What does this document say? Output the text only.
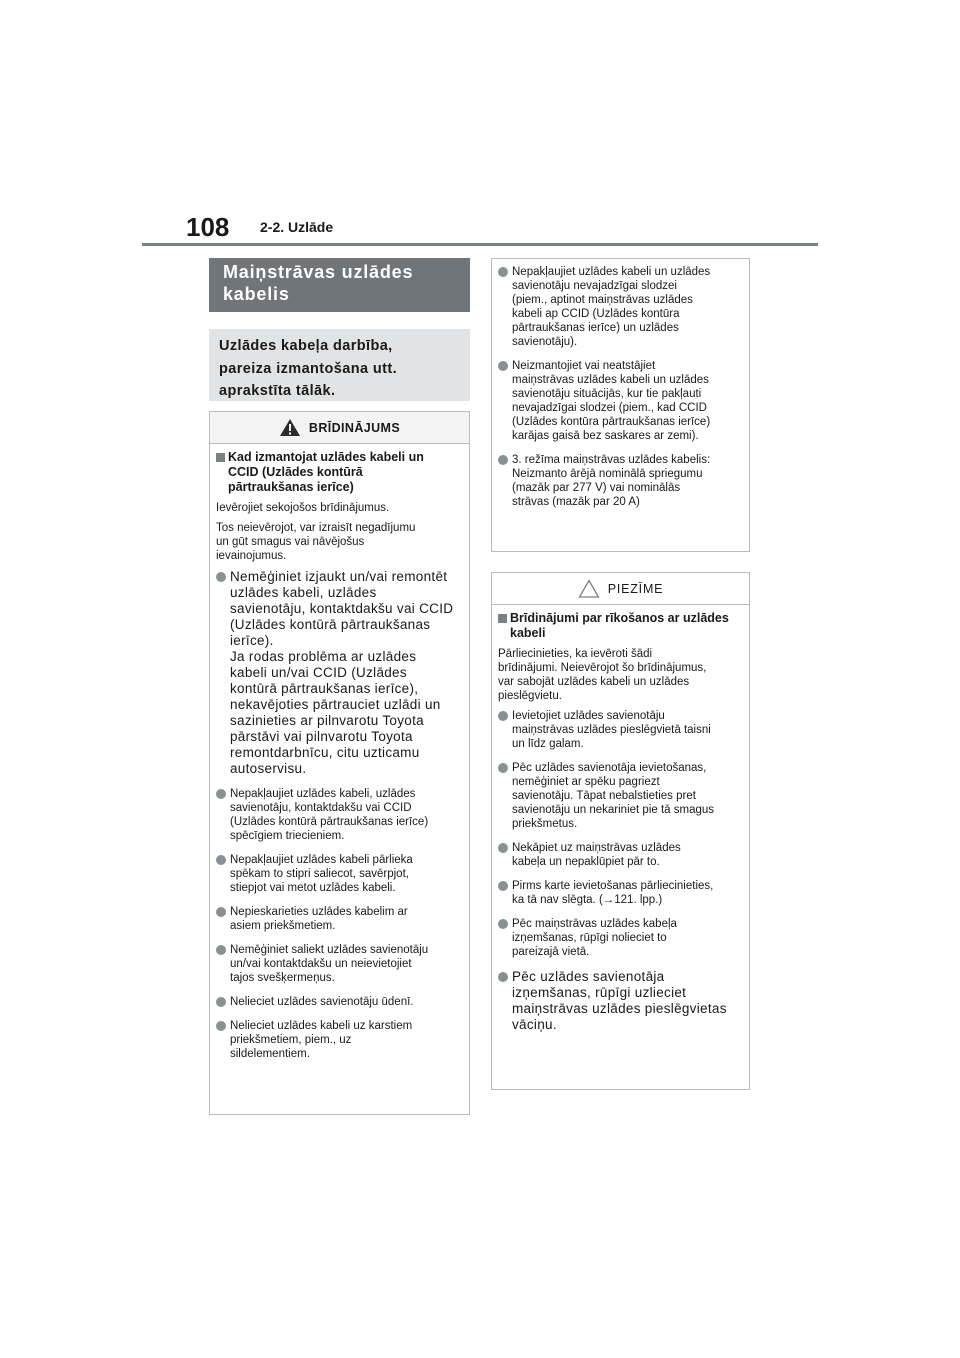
108 2-2. Uzlāde
Maiņstrāvas uzlādes
kabelis
Uzlādes kabeļa darbība,
pareiza izmantošana utt.
aprakstīta tālāk.
BRĪDINĀJUMS
Kad izmantojat uzlādes kabeli un
CCID (Uzlādes kontūrā
pārtraukšanas ierīce)

Ievērojiet sekojošos brīdinājumus.

Tos neievērojot, var izraisīt negadījumu
un gūt smagus vai nāvējošus
ievainojumus.

Nemēģiniet izjaukt un/vai remontēt
uzlādes kabeli, uzlādes
savienotāju, kontaktdakšu vai CCID
(Uzlādes kontūrā pārtraukšanas
ierīce).
Ja rodas problēma ar uzlādes
kabeli un/vai CCID (Uzlādes
kontūrā pārtraukšanas ierīce),
nekavējoties pārtrauciet uzlādi un
sazinieties ar pilnvarotu Toyota
pārstāvi vai pilnvarotu Toyota
remontdarbnīcu, citu uzticamu
autoservisu.
Nepakļaujiet uzlādes kabeli, uzlādes
savienotāju, kontaktdakšu vai CCID
(Uzlādes kontūrā pārtraukšanas ierīce)
spēcīgiem triecieniem.
Nepakļaujiet uzlādes kabeli pārlieka
spēkam to stipri saliecot, savērpjot,
stiepjot vai metot uzlādes kabeli.
Nepieskarieties uzlādes kabelim ar
asiem priekšmetiem.
Nemēģiniet saliekt uzlādes savienotāju
un/vai kontaktdakšu un neievietojiet
tajos svešķermeņus.
Nelieciet uzlādes savienotāju ūdenī.
Nelieciet uzlādes kabeli uz karstiem
priekšmetiem, piem., uz
sildelementiem.
Nepakļaujiet uzlādes kabeli un uzlādes
savienotāju nevajadzīgai slodzei
(piem., aptinot maiņstrāvas uzlādes
kabeli ap CCID (Uzlādes kontūra
pārtraukšanas ierīce) un uzlādes
savienotāju).
Neizmantojiet vai neatstājiet
maiņstrāvas uzlādes kabeli un uzlādes
savienotāju situācijās, kur tie pakļauti
nevajadzīgai slodzei (piem., kad CCID
(Uzlādes kontūra pārtraukšanas ierīce)
karājas gaisā bez saskares ar zemi).
3. režīma maiņstrāvas uzlādes kabelis:
Neizmanto ārējā nominālā spriegumu
(mazāk par 277 V) vai nominālās
strāvas (mazāk par 20 A)
PIEZĪME
Brīdinājumi par rīkošanos ar uzlādes
kabeli

Pārliecinieties, ka ievēroti šādi
brīdinājumi. Neievērojot šo brīdinājumus,
var sabojāt uzlādes kabeli un uzlādes
pieslēgvietu.

Ievietojiet uzlādes savienotāju
maiņstrāvas uzlādes pieslēgvietā taisni
un līdz galam.
Pēc uzlādes savienotāja ievietošanas,
nemēģiniet ar spēku pagriezt
savienotāju. Tāpat nebalstieties pret
savienotāju un nekariniet pie tā smagus
priekšmetus.
Nekāpiet uz maiņstrāvas uzlādes
kabeļa un nepaklūpiet pār to.
Pirms karte ievietošanas pārliecinieties,
ka tā nav slēgta. (→121. lpp.)
Pēc maiņstrāvas uzlādes kabeļa
izņemšanas, rūpīgi nolieciet to
pareizajā vietā.
Pēc uzlādes savienotāja
izņemšanas, rūpīgi uzlieciet
maiņstrāvas uzlādes pieslēgvietas
vāciņu.
